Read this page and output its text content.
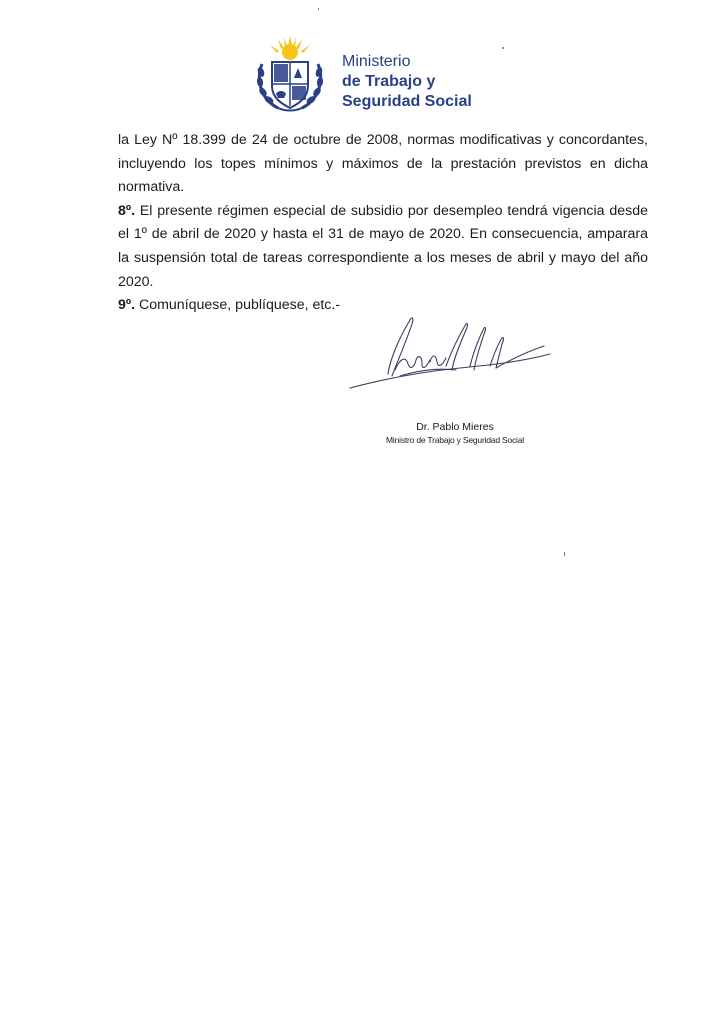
Ministerio
de Trabajo y
Seguridad Social

la Ley Nº 18.399 de 24 de octubre de 2008, normas modificativas y concordantes, incluyendo los topes mínimos y máximos de la prestación previstos en dicha normativa.

8º. El presente régimen especial de subsidio por desempleo tendrá vigencia desde el 1º de abril de 2020 y hasta el 31 de mayo de 2020. En consecuencia, amparara la suspensión total de tareas correspondiente a los meses de abril y mayo del año 2020.

9º. Comuníquese, publíquese, etc.-

Dr. Pablo Mieres
Ministro de Trabajo y Seguridad Social
